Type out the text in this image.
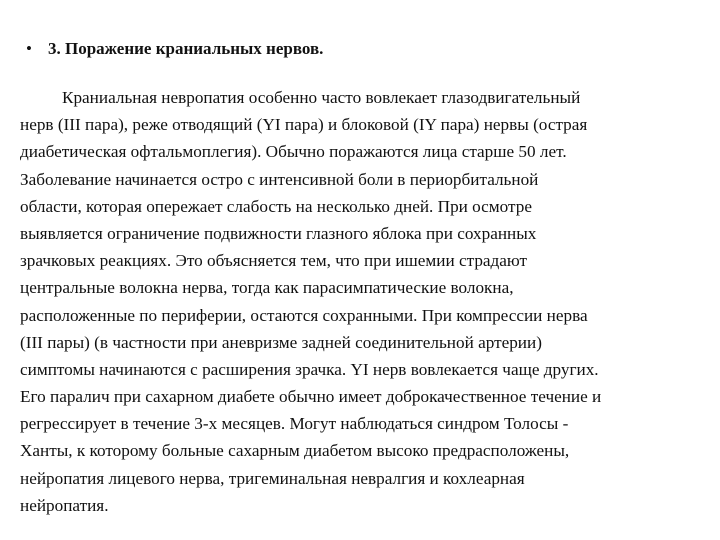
• 3. Поражение краниальных нервов.
Краниальная невропатия особенно часто вовлекает глазодвигательный
нерв (III пара), реже отводящий (YI пара) и блоковой (IY пара) нервы (острая
диабетическая офтальмоплегия). Обычно поражаются лица старше 50 лет.
Заболевание начинается остро с интенсивной боли в периорбитальной
области, которая опережает слабость на несколько дней. При осмотре
выявляется ограничение подвижности глазного яблока при сохранных
зрачковых реакциях. Это объясняется тем, что при ишемии страдают
центральные волокна нерва, тогда как парасимпатические волокна,
расположенные по периферии, остаются сохранными. При компрессии нерва
(III пары) (в частности при аневризме задней соединительной артерии)
симптомы начинаются с расширения зрачка. YI нерв вовлекается чаще других.
Его паралич при сахарном диабете обычно имеет доброкачественное течение и
регрессирует в течение 3-х месяцев. Могут наблюдаться синдром Толосы -
Ханты, к которому больные сахарным диабетом высоко предрасположены,
нейропатия лицевого нерва, тригеминальная невралгия и кохлеарная
нейропатия.
